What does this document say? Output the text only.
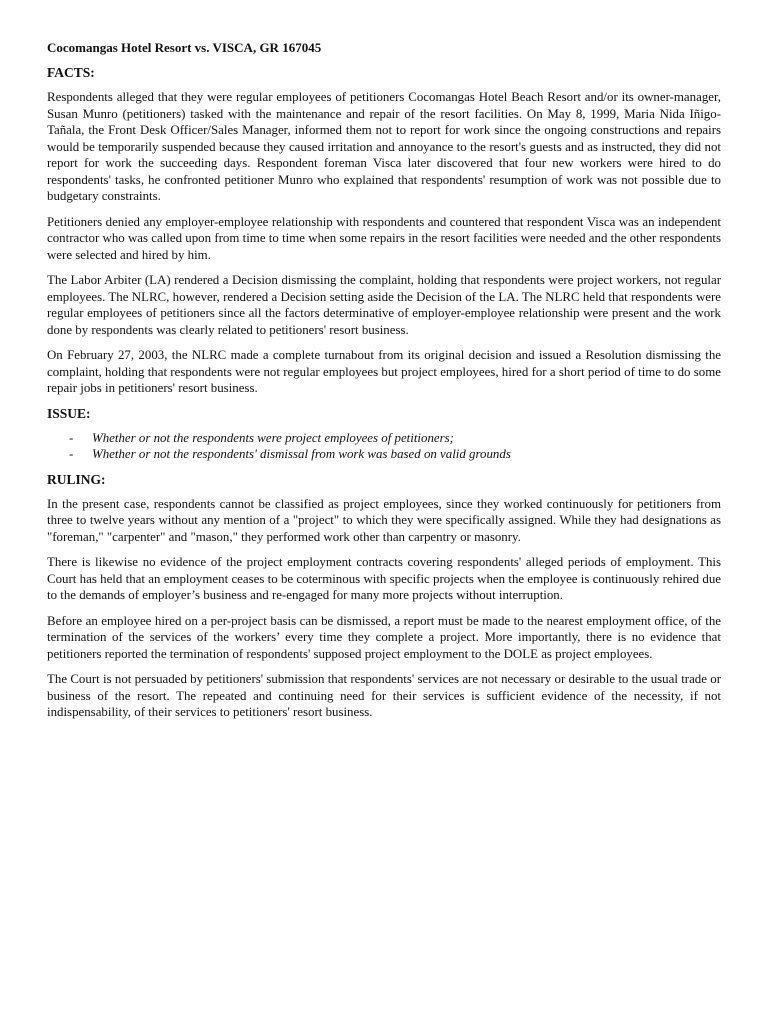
Cocomangas Hotel Resort vs. VISCA, GR 167045
FACTS:

Respondents alleged that they were regular employees of petitioners Cocomangas Hotel Beach Resort and/or its owner-manager, Susan Munro (petitioners) tasked with the maintenance and repair of the resort facilities. On May 8, 1999, Maria Nida Iñigo-Tañala, the Front Desk Officer/Sales Manager, informed them not to report for work since the ongoing constructions and repairs would be temporarily suspended because they caused irritation and annoyance to the resort's guests and as instructed, they did not report for work the succeeding days. Respondent foreman Visca later discovered that four new workers were hired to do respondents' tasks, he confronted petitioner Munro who explained that respondents' resumption of work was not possible due to budgetary constraints.

Petitioners denied any employer-employee relationship with respondents and countered that respondent Visca was an independent contractor who was called upon from time to time when some repairs in the resort facilities were needed and the other respondents were selected and hired by him.

The Labor Arbiter (LA) rendered a Decision dismissing the complaint, holding that respondents were project workers, not regular employees. The NLRC, however, rendered a Decision setting aside the Decision of the LA. The NLRC held that respondents were regular employees of petitioners since all the factors determinative of employer-employee relationship were present and the work done by respondents was clearly related to petitioners' resort business.

On February 27, 2003, the NLRC made a complete turnabout from its original decision and issued a Resolution dismissing the complaint, holding that respondents were not regular employees but project employees, hired for a short period of time to do some repair jobs in petitioners' resort business.

ISSUE:
- Whether or not the respondents were project employees of petitioners;
- Whether or not the respondents' dismissal from work was based on valid grounds
RULING:

In the present case, respondents cannot be classified as project employees, since they worked continuously for petitioners from three to twelve years without any mention of a "project" to which they were specifically assigned. While they had designations as "foreman," "carpenter" and "mason," they performed work other than carpentry or masonry.

There is likewise no evidence of the project employment contracts covering respondents' alleged periods of employment. This Court has held that an employment ceases to be coterminous with specific projects when the employee is continuously rehired due to the demands of employer’s business and re-engaged for many more projects without interruption.

Before an employee hired on a per-project basis can be dismissed, a report must be made to the nearest employment office, of the termination of the services of the workers’ every time they complete a project. More importantly, there is no evidence that petitioners reported the termination of respondents' supposed project employment to the DOLE as project employees.

The Court is not persuaded by petitioners' submission that respondents' services are not necessary or desirable to the usual trade or business of the resort. The repeated and continuing need for their services is sufficient evidence of the necessity, if not indispensability, of their services to petitioners' resort business.
